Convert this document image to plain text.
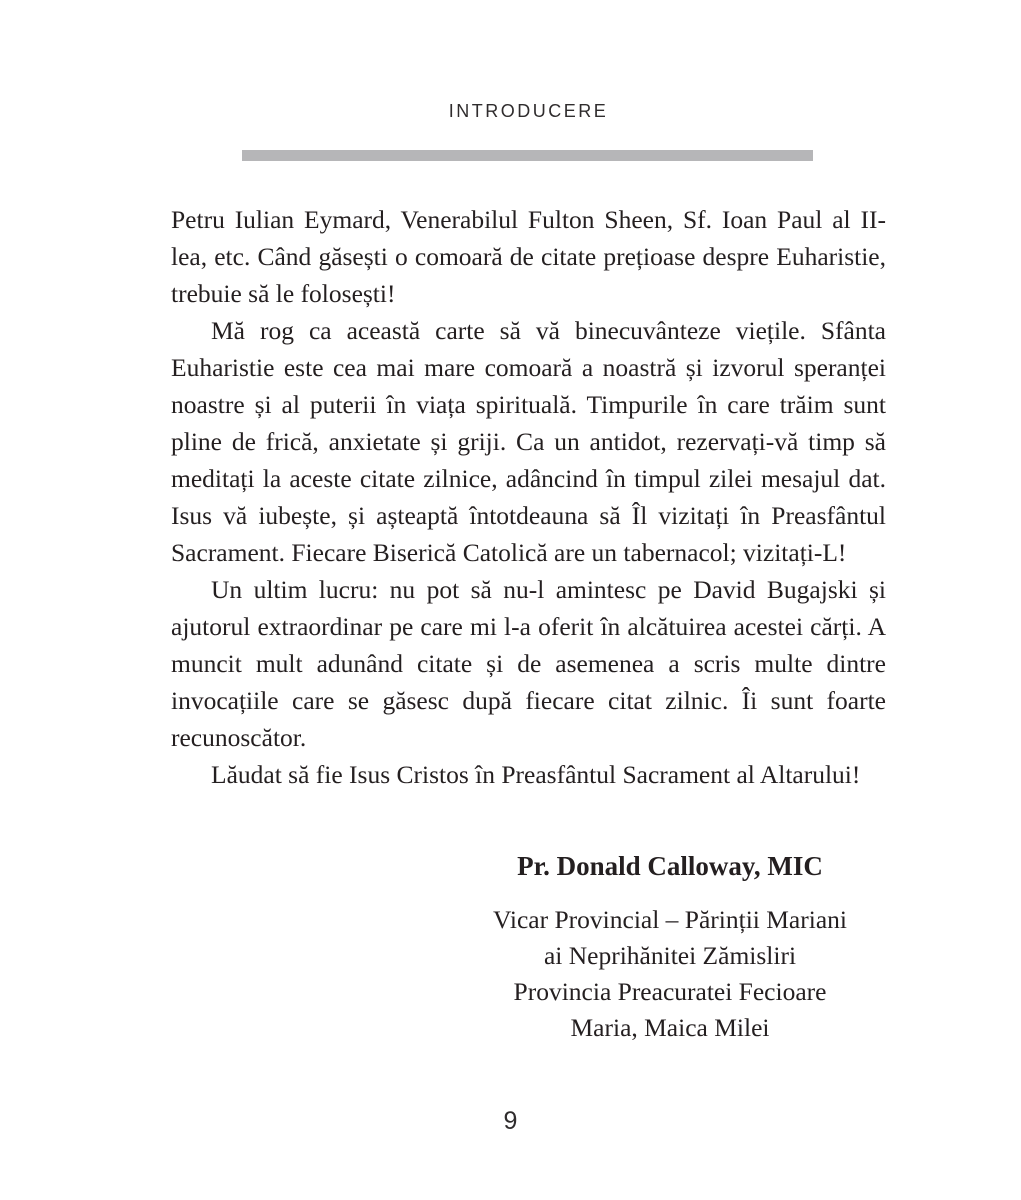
INTRODUCERE

Petru Iulian Eymard, Venerabilul Fulton Sheen, Sf. Ioan Paul al II-lea, etc. Când găsești o comoară de citate prețioase despre Euharistie, trebuie să le folosești!

Mă rog ca această carte să vă binecuvânteze viețile. Sfânta Euharistie este cea mai mare comoară a noastră și izvorul speranței noastre și al puterii în viața spirituală. Timpurile în care trăim sunt pline de frică, anxietate și griji. Ca un antidot, rezervați-vă timp să meditați la aceste citate zilnice, adâncind în timpul zilei mesajul dat. Isus vă iubește, și așteaptă întotdeauna să Îl vizitați în Preasfântul Sacrament. Fiecare Biserică Catolică are un tabernacol; vizitați-L!

Un ultim lucru: nu pot să nu-l amintesc pe David Bugajski și ajutorul extraordinar pe care mi l-a oferit în alcătuirea acestei cărți. A muncit mult adunând citate și de asemenea a scris multe dintre invocațiile care se găsesc după fiecare citat zilnic. Îi sunt foarte recunoscător.

Lăudat să fie Isus Cristos în Preasfântul Sacrament al Altarului!

Pr. Donald Calloway, MIC
Vicar Provincial – Părinții Mariani
ai Neprihănitei Zămisliri
Provincia Preacuratei Fecioare
Maria, Maica Milei
9
